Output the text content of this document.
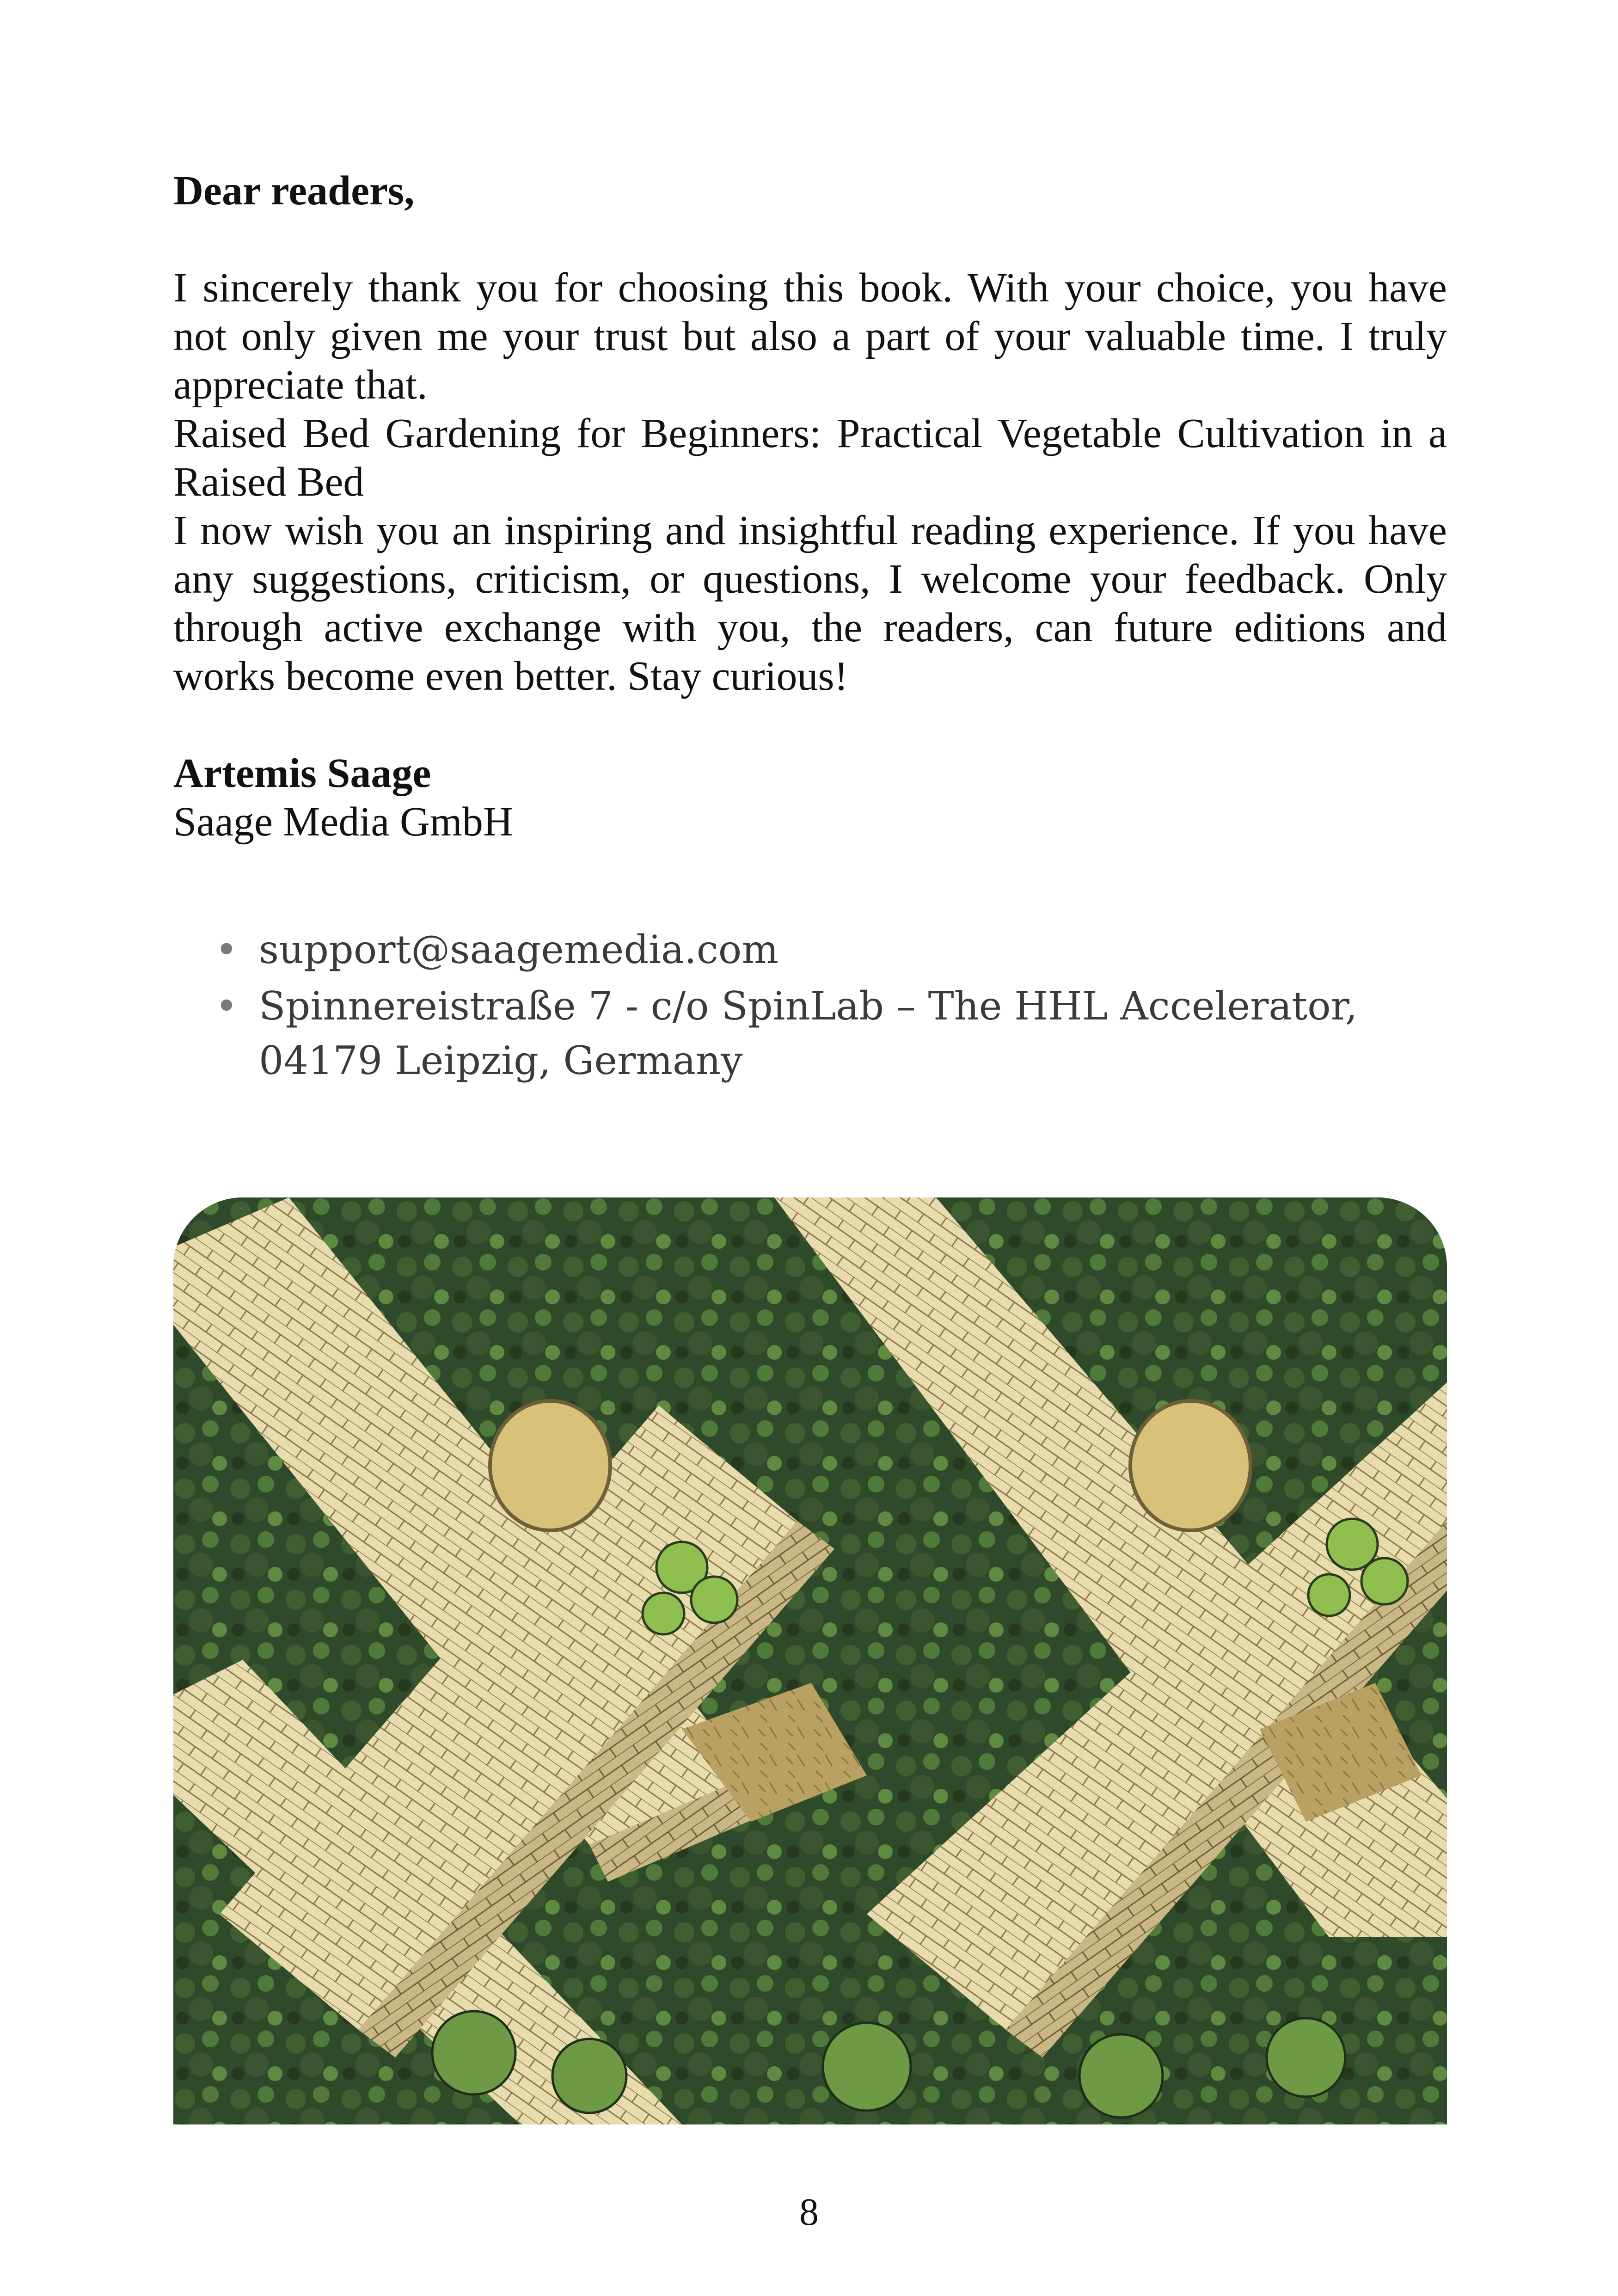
Dear readers,

I sincerely thank you for choosing this book. With your choice, you have not only given me your trust but also a part of your valuable time. I truly appreciate that.

Raised Bed Gardening for Beginners: Practical Vegetable Cultivation in a Raised Bed

I now wish you an inspiring and insightful reading experience. If you have any suggestions, criticism, or questions, I welcome your feedback. Only through active exchange with you, the readers, can future editions and works become even better. Stay curious!

Artemis Saage

Saage Media GmbH

• support@saagemedia.com
• Spinnereistraße 7 - c/o SpinLab – The HHL Accelerator, 04179 Leipzig, Germany
8
